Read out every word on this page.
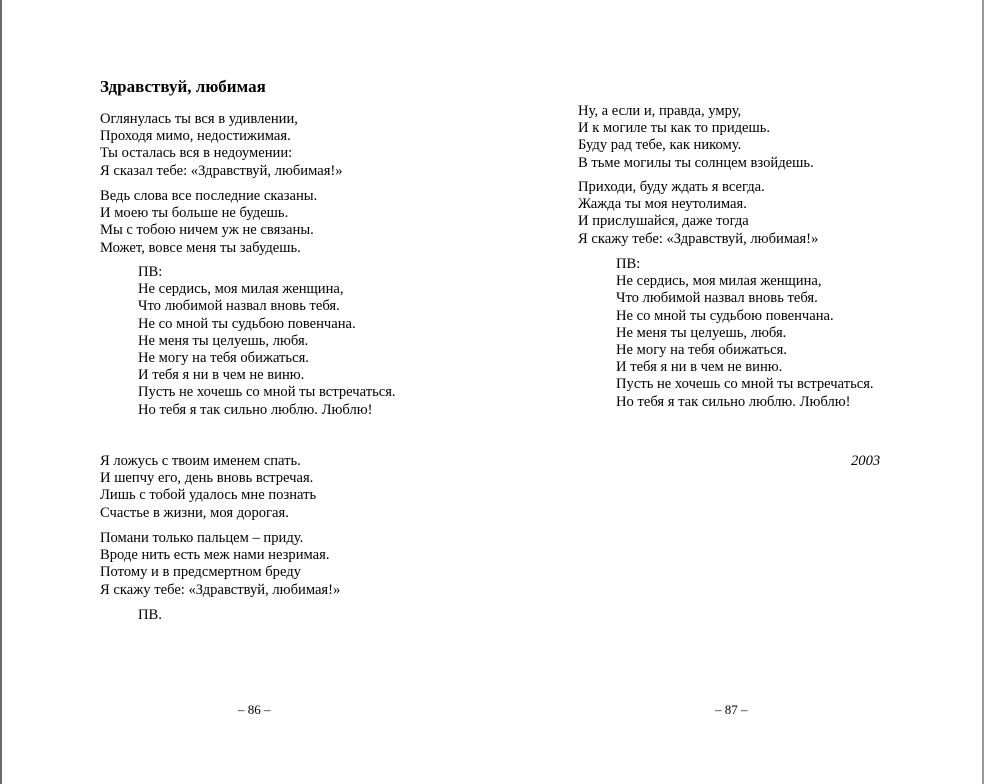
Здравствуй, любимая
Оглянулась ты вся в удивлении,
Проходя мимо, недостижимая.
Ты осталась вся в недоумении:
Я сказал тебе: «Здравствуй, любимая!»
Ведь слова все последние сказаны.
И моею ты больше не будешь.
Мы с тобою ничем уж не связаны.
Может, вовсе меня ты забудешь.
ПВ:
Не сердись, моя милая женщина,
Что любимой назвал вновь тебя.
Не со мной ты судьбою повенчана.
Не меня ты целуешь, любя.
Не могу на тебя обижаться.
И тебя я ни в чем не виню.
Пусть не хочешь со мной ты встречаться.
Но тебя я так сильно люблю. Люблю!
Я ложусь с твоим именем спать.
И шепчу его, день вновь встречая.
Лишь с тобой удалось мне познать
Счастье в жизни, моя дорогая.
Помани только пальцем – приду.
Вроде нить есть меж нами незримая.
Потому и в предсмертном бреду
Я скажу тебе: «Здравствуй, любимая!»
ПВ.
– 86 –
Ну, а если и, правда, умру,
И к могиле ты как то придешь.
Буду рад тебе, как никому.
В тьме могилы ты солнцем взойдешь.
Приходи, буду ждать я всегда.
Жажда ты моя неутолимая.
И прислушайся, даже тогда
Я скажу тебе: «Здравствуй, любимая!»
ПВ:
Не сердись, моя милая женщина,
Что любимой назвал вновь тебя.
Не со мной ты судьбою повенчана.
Не меня ты целуешь, любя.
Не могу на тебя обижаться.
И тебя я ни в чем не виню.
Пусть не хочешь со мной ты встречаться.
Но тебя я так сильно люблю. Люблю!
2003
– 87 –
